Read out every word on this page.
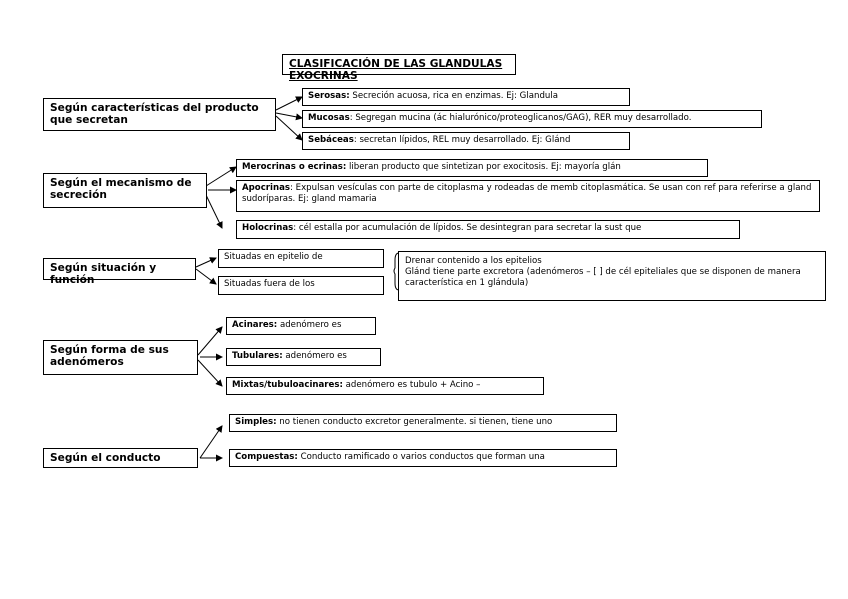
CLASIFICACIÓN DE LAS GLANDULAS EXOCRINAS
Según características del producto que secretan
Serosas: Secreción acuosa, rica en enzimas. Ej: Glandula
Mucosas: Segregan mucina (ác hialurónico/proteoglicanos/GAG), RER muy desarrollado.
Sebáceas: secretan lípidos, REL muy desarrollado. Ej: Glánd
Según el mecanismo de secreción
Merocrinas o ecrinas: liberan producto que sintetizan por exocitosis. Ej: mayoría glán
Apocrinas: Expulsan vesículas con parte de citoplasma y rodeadas de memb citoplasmática. Se usan con ref para referirse a gland sudoríparas. Ej: gland mamaria
Holocrinas: cél estalla por acumulación de lípidos. Se desintegran para secretar la sust que
Según situación y función
Situadas en epitelio de
Situadas fuera de los
Drenar contenido a los epitelios
Glánd tiene parte excretora (adenómeros – [ ] de cél epiteliales que se disponen de manera característica en 1 glándula)
Según forma de sus adenómeros
Acinares: adenómero es
Tubulares: adenómero es
Mixtas/tubuloacinares: adenómero es tubulo + Acino –
Según el conducto
Simples: no tienen conducto excretor generalmente. si tienen, tiene uno
Compuestas: Conducto ramificado o varios conductos que forman una
